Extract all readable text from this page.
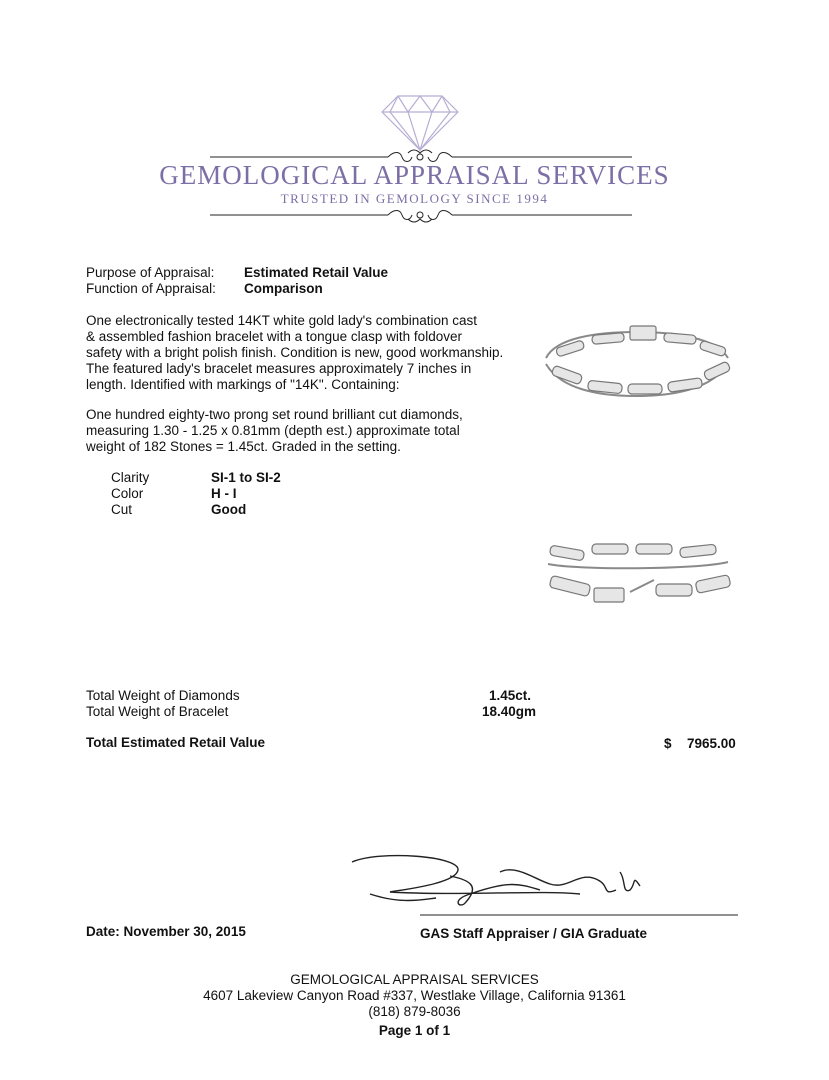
GEMOLOGICAL APPRAISAL SERVICES
TRUSTED IN GEMOLOGY SINCE 1994
Purpose of Appraisal: Estimated Retail Value
Function of Appraisal: Comparison

One electronically tested 14KT white gold lady's combination cast

& assembled fashion bracelet with a tongue clasp with foldover

safety with a bright polish finish. Condition is new, good workmanship.

The featured lady's bracelet measures approximately 7 inches in

length. Identified with markings of "14K". Containing:

One hundred eighty-two prong set round brilliant cut diamonds,

measuring 1.30 - 1.25 x 0.81mm (depth est.) approximate total

weight of 182 Stones = 1.45ct. Graded in the setting.

Clarity	SI-1 to SI-2
Color	H - I
Cut	Good
Total Weight of Diamonds	1.45ct.
Total Weight of Bracelet	18.40gm
Total Estimated Retail Value	$ 7965.00
Date: November 30, 2015	GAS Staff Appraiser / GIA Graduate
GEMOLOGICAL APPRAISAL SERVICES
4607 Lakeview Canyon Road #337, Westlake Village, California 91361
(818) 879-8036
Page 1 of 1
